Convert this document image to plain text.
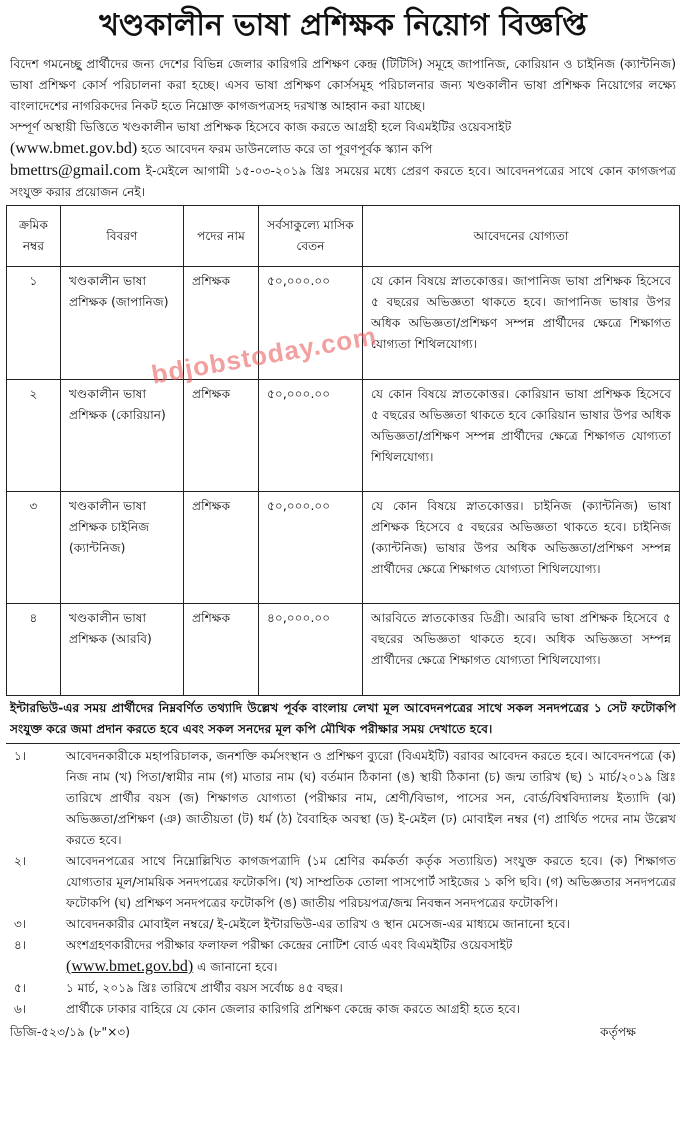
খণ্ডকালীন ভাষা প্রশিক্ষক নিয়োগ বিজ্ঞপ্তি
বিদেশ গমনেচ্ছু প্রার্থীদের জন্য দেশের বিভিন্ন জেলার কারিগরি প্রশিক্ষণ কেন্দ্র (টিটিসি) সমূহে জাপানিজ, কোরিয়ান ও চাইনিজ (ক্যান্টনিজ) ভাষা প্রশিক্ষণ কোর্স পরিচালনা করা হচ্ছে। এসব ভাষা প্রশিক্ষণ কোর্সসমূহ পরিচালনার জন্য খণ্ডকালীন ভাষা প্রশিক্ষক নিয়োগের লক্ষ্যে বাংলাদেশের নাগরিকদের নিকট হতে নিম্নোক্ত কাগজপত্রসহ দরখাস্ত আহ্বান করা যাচ্ছে।
সম্পূর্ণ অস্থায়ী ভিত্তিতে খণ্ডকালীন ভাষা প্রশিক্ষক হিসেবে কাজ করতে আগ্রহী হলে বিএমইটির ওয়েবসাইট
(www.bmet.gov.bd) হতে আবেদন ফরম ডাউনলোড করে তা পূরণপূর্বক স্ক্যান কপি
bmettrs@gmail.com ই-মেইলে আগামী ১৫-০৩-২০১৯ খ্রিঃ সময়ের মধ্যে প্রেরণ করতে হবে। আবেদনপত্রের সাথে কোন কাগজপত্র সংযুক্ত করার প্রয়োজন নেই।
ক্রমিক নম্বর	বিবরণ	পদের নাম	সর্বসাকুল্যে মাসিক বেতন	আবেদনের যোগ্যতা
১	খণ্ডকালীন ভাষা প্রশিক্ষক (জাপানিজ)	প্রশিক্ষক	৫০,০০০.০০	যে কোন বিষয়ে স্নাতকোত্তর। জাপানিজ ভাষা প্রশিক্ষক হিসেবে ৫ বছরের অভিজ্ঞতা থাকতে হবে। জাপানিজ ভাষার উপর অধিক অভিজ্ঞতা/প্রশিক্ষণ সম্পন্ন প্রার্থীদের ক্ষেত্রে শিক্ষাগত যোগ্যতা শিথিলযোগ্য।
২	খণ্ডকালীন ভাষা প্রশিক্ষক (কোরিয়ান)	প্রশিক্ষক	৫০,০০০.০০	যে কোন বিষয়ে স্নাতকোত্তর। কোরিয়ান ভাষা প্রশিক্ষক হিসেবে ৫ বছরের অভিজ্ঞতা থাকতে হবে কোরিয়ান ভাষার উপর অধিক অভিজ্ঞতা/প্রশিক্ষণ সম্পন্ন প্রার্থীদের ক্ষেত্রে শিক্ষাগত যোগ্যতা শিথিলযোগ্য।
৩	খণ্ডকালীন ভাষা প্রশিক্ষক চাইনিজ (ক্যান্টনিজ)	প্রশিক্ষক	৫০,০০০.০০	যে কোন বিষয়ে স্নাতকোত্তর। চাইনিজ (ক্যান্টনিজ) ভাষা প্রশিক্ষক হিসেবে ৫ বছরের অভিজ্ঞতা থাকতে হবে। চাইনিজ (ক্যান্টনিজ) ভাষার উপর অধিক অভিজ্ঞতা/প্রশিক্ষণ সম্পন্ন প্রার্থীদের ক্ষেত্রে শিক্ষাগত যোগ্যতা শিথিলযোগ্য।
৪	খণ্ডকালীন ভাষা প্রশিক্ষক (আরবি)	প্রশিক্ষক	৪০,০০০.০০	আরবিতে স্নাতকোত্তর ডিগ্রী। আরবি ভাষা প্রশিক্ষক হিসেবে ৫ বছরের অভিজ্ঞতা থাকতে হবে। অধিক অভিজ্ঞতা সম্পন্ন প্রার্থীদের ক্ষেত্রে শিক্ষাগত যোগ্যতা শিথিলযোগ্য।
ইন্টারভিউ-এর সময় প্রার্থীদের নিম্নবর্ণিত তথ্যাদি উল্লেখ পূর্বক বাংলায় লেখা মূল আবেদনপত্রের সাথে সকল সনদপত্রের ১ সেট ফটোকপি সংযুক্ত করে জমা প্রদান করতে হবে এবং সকল সনদের মূল কপি মৌখিক পরীক্ষার সময় দেখাতে হবে।
১।	আবেদনকারীকে মহাপরিচালক, জনশক্তি কর্মসংস্থান ও প্রশিক্ষণ ব্যুরো (বিএমইটি) বরাবর আবেদন করতে হবে। আবেদনপত্রে (ক) নিজ নাম (খ) পিতা/স্বামীর নাম (গ) মাতার নাম (ঘ) বর্তমান ঠিকানা (ঙ) স্থায়ী ঠিকানা (চ) জন্ম তারিখ (ছ) ১ মার্চ/২০১৯ খ্রিঃ তারিখে প্রার্থীর বয়স (জ) শিক্ষাগত যোগ্যতা (পরীক্ষার নাম, শ্রেণী/বিভাগ, পাসের সন, বোর্ড/বিশ্ববিদ্যালয় ইত্যাদি (ঝ) অভিজ্ঞতা/প্রশিক্ষণ (ঞ) জাতীয়তা (ট) ধর্ম (ঠ) বৈবাহিক অবস্থা (ড) ই-মেইল (ঢ) মোবাইল নম্বর (ণ) প্রার্থিত পদের নাম উল্লেখ করতে হবে।
২।	আবেদনপত্রের সাথে নিম্নোল্লিখিত কাগজপত্রাদি (১ম শ্রেণির কর্মকর্তা কর্তৃক সত্যায়িত) সংযুক্ত করতে হবে। (ক) শিক্ষাগত যোগ্যতার মূল/সাময়িক সনদপত্রের ফটোকপি। (খ) সাম্প্রতিক তোলা পাসপোর্ট সাইজের ১ কপি ছবি। (গ) অভিজ্ঞতার সনদপত্রের ফটোকপি (ঘ) প্রশিক্ষণ সনদপত্রের ফটোকপি (ঙ) জাতীয় পরিচয়পত্র/জন্ম নিবন্ধন সনদপত্রের ফটোকপি।
৩।	আবেদনকারীর মোবাইল নম্বরে/ ই-মেইলে ইন্টারভিউ-এর তারিখ ও স্থান মেসেজ-এর মাধ্যমে জানানো হবে।
৪।	অংশগ্রহণকারীদের পরীক্ষার ফলাফল পরীক্ষা কেন্দ্রের নোটিশ বোর্ড এবং বিএমইটির ওয়েবসাইট
(www.bmet.gov.bd) এ জানানো হবে।
৫।	১ মার্চ, ২০১৯ খ্রিঃ তারিখে প্রার্থীর বয়স সর্বোচ্চ ৪৫ বছর।
৬।	প্রার্থীকে ঢাকার বাহিরে যে কোন জেলার কারিগরি প্রশিক্ষণ কেন্দ্রে কাজ করতে আগ্রহী হতে হবে।
ডিজি-৫২৩/১৯ (৮"×৩)	কর্তৃপক্ষ
bdjobstoday.com
